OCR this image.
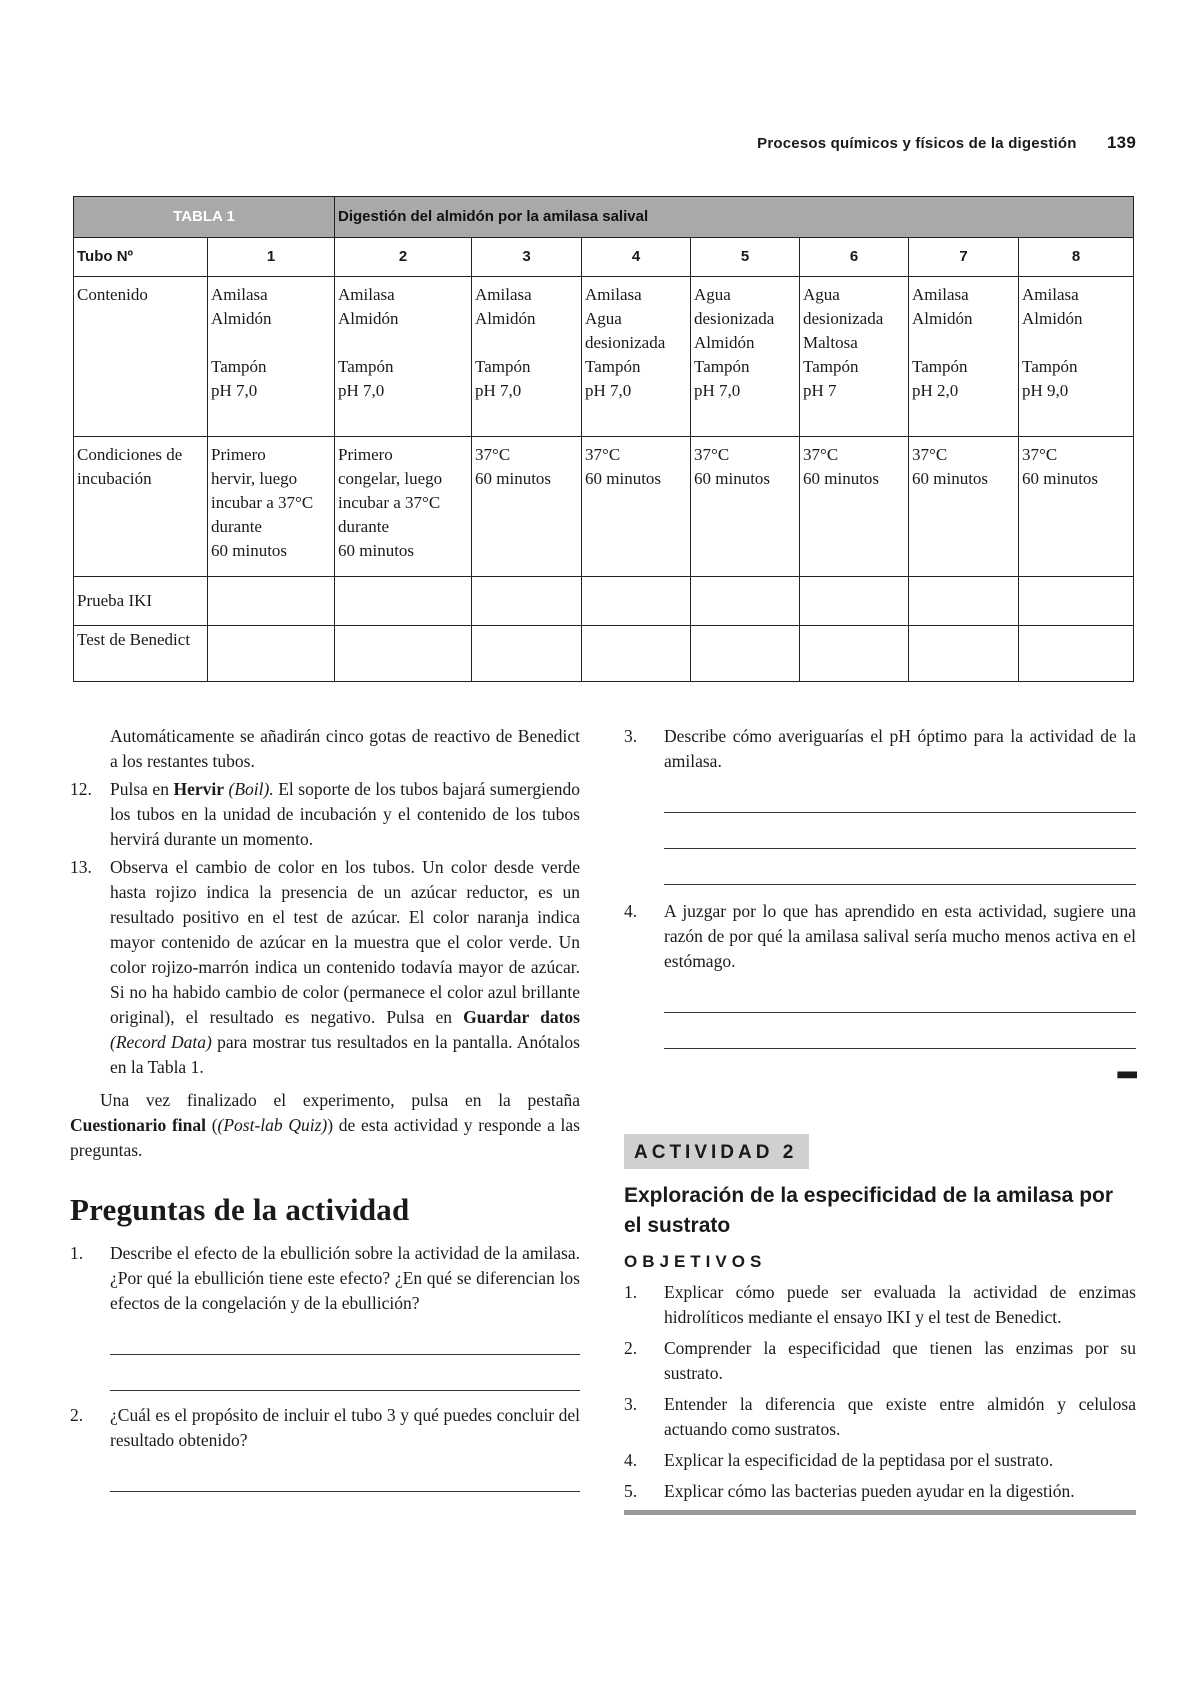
Procesos químicos y físicos de la digestión 139
TABLA 1		Digestión del almidón por la amilasa salival						
Tubo Nº	1	2	3	4	5	6	7	8
Contenido	Amilasa
Almidón
Tampón
pH 7,0	Amilasa
Almidón
Tampón
pH 7,0	Amilasa
Almidón
Tampón
pH 7,0	Amilasa
Agua
desionizada
Tampón
pH 7,0	Agua
desionizada
Almidón
Tampón
pH 7,0	Agua
desionizada
Maltosa
Tampón
pH 7	Amilasa
Almidón
Tampón
pH 2,0	Amilasa
Almidón
Tampón
pH 9,0

Condiciones de incubación	Primero
hervir, luego
incubar a 37°C
durante
60 minutos	Primero
congelar, luego
incubar a 37°C
durante
60 minutos	37°C
60 minutos	37°C
60 minutos	37°C
60 minutos	37°C
60 minutos	37°C
60 minutos	37°C
60 minutos

Prueba IKI								
Test de Benedict								

Automáticamente se añadirán cinco gotas de reactivo de Benedict a los restantes tubos.

12. Pulsa en Hervir (Boil). El soporte de los tubos bajará sumergiendo los tubos en la unidad de incubación y el contenido de los tubos hervirá durante un momento.
13. Observa el cambio de color en los tubos. Un color desde verde hasta rojizo indica la presencia de un azúcar reductor, es un resultado positivo en el test de azúcar. El color naranja indica mayor contenido de azúcar en la muestra que el color verde. Un color rojizo-marrón indica un contenido todavía mayor de azúcar. Si no ha habido cambio de color (permanece el color azul brillante original), el resultado es negativo. Pulsa en Guardar datos (Record Data) para mostrar tus resultados en la pantalla. Anótalos en la Tabla 1.

Una vez finalizado el experimento, pulsa en la pestaña Cuestionario final ((Post-lab Quiz)) de esta actividad y responde a las preguntas.

Preguntas de la actividad
1. Describe el efecto de la ebullición sobre la actividad de la amilasa. ¿Por qué la ebullición tiene este efecto? ¿En qué se diferencian los efectos de la congelación y de la ebullición?
2. ¿Cuál es el propósito de incluir el tubo 3 y qué puedes concluir del resultado obtenido?
3. Describe cómo averiguarías el pH óptimo para la actividad de la amilasa.
4. A juzgar por lo que has aprendido en esta actividad, sugiere una razón de por qué la amilasa salival sería mucho menos activa en el estómago.
■■■
ACTIVIDAD 2
Exploración de la especificidad de la amilasa por el sustrato
OBJETIVOS
1. Explicar cómo puede ser evaluada la actividad de enzimas hidrolíticos mediante el ensayo IKI y el test de Benedict.
2. Comprender la especificidad que tienen las enzimas por su sustrato.
3. Entender la diferencia que existe entre almidón y celulosa actuando como sustratos.
4. Explicar la especificidad de la peptidasa por el sustrato.
5. Explicar cómo las bacterias pueden ayudar en la digestión.
